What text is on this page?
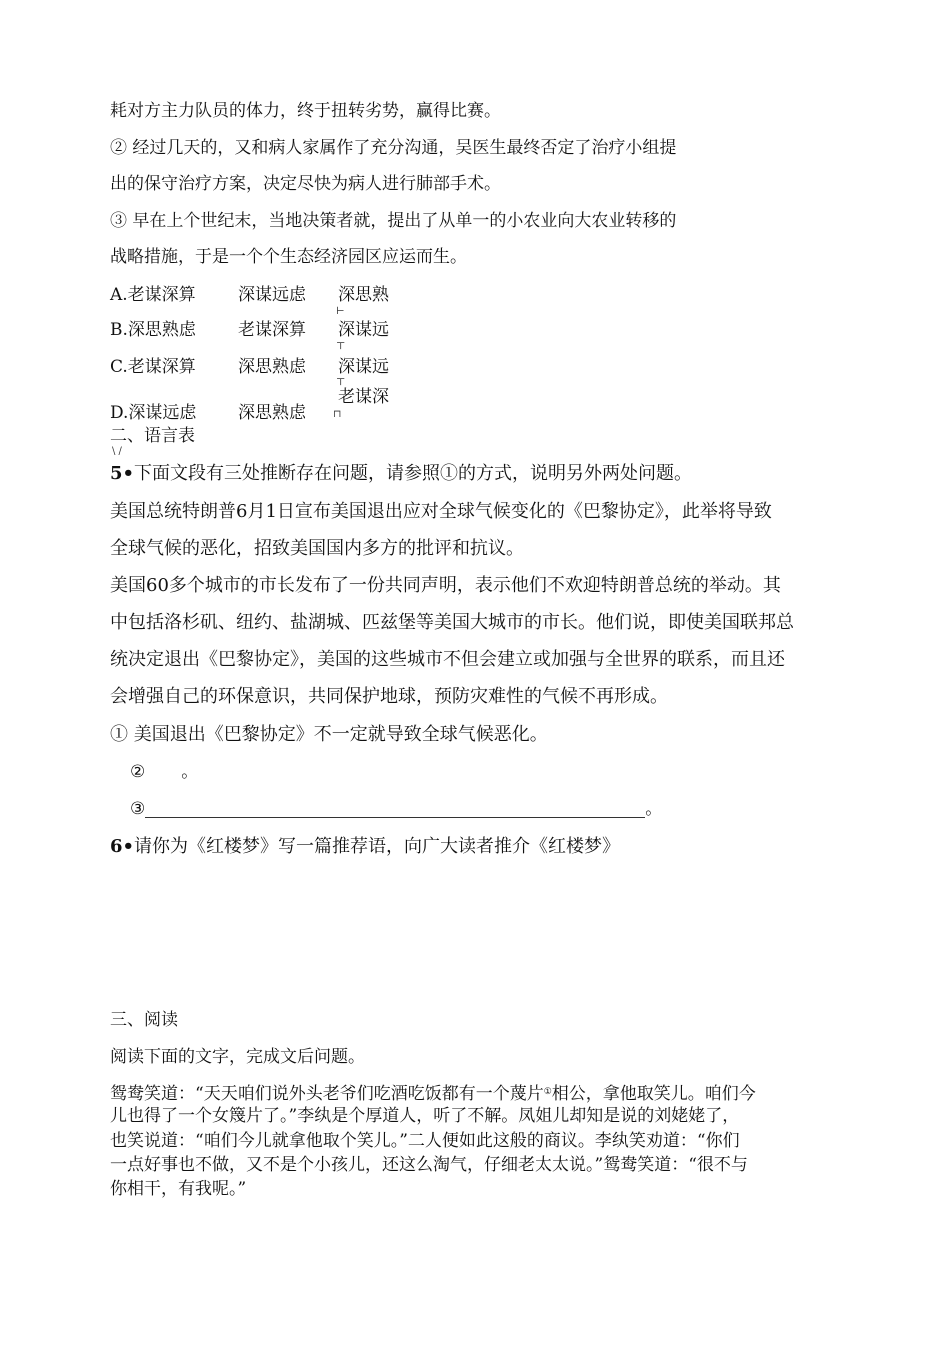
耗对方主力队员的体力，终于扭转劣势，赢得比赛。
② 经过几天的，又和病人家属作了充分沟通，吴医生最终否定了治疗小组提
出的保守治疗方案，决定尽快为病人进行肺部手术。
③ 早在上个世纪末，当地决策者就，提出了从单一的小农业向大农业转移的
战略措施，于是一个个生态经济园区应运而生。
A.老谋深算 深谋远虑 深思熟
⊢
B.深思熟虑 老谋深算 深谋远
⊤
C.老谋深算 深思熟虑 深谋远
⊤
老谋深
D.深谋远虑 深思熟虑	⊓
二、语言表
\ /
5•下面文段有三处推断存在问题，请参照①的方式，说明另外两处问题。
美国总统特朗普6月1日宣布美国退出应对全球气候变化的《巴黎协定》，此举将导致
全球气候的恶化，招致美国国内多方的批评和抗议。
美国60多个城市的市长发布了一份共同声明，表示他们不欢迎特朗普总统的举动。其
中包括洛杉矶、纽约、盐湖城、匹兹堡等美国大城市的市长。他们说，即使美国联邦总
统决定退出《巴黎协定》，美国的这些城市不但会建立或加强与全世界的联系，而且还
会增强自己的环保意识，共同保护地球，预防灾难性的气候不再形成。
① 美国退出《巴黎协定》不一定就导致全球气候恶化。
② 。
③	。
6•请你为《红楼梦》写一篇推荐语，向广大读者推介《红楼梦》
三、阅读
阅读下面的文字，完成文后问题。
鸳鸯笑道：“天天咱们说外头老爷们吃酒吃饭都有一个蔑片①相公，拿他取笑儿。咱们今
儿也得了一个女篾片了。”李纨是个厚道人，听了不解。凤姐儿却知是说的刘姥姥了，
也笑说道：“咱们今儿就拿他取个笑儿。”二人便如此这般的商议。李纨笑劝道：“你们
一点好事也不做，又不是个小孩儿，还这么淘气，仔细老太太说。”鸳鸯笑道：“很不与
你相干，有我呢。”
